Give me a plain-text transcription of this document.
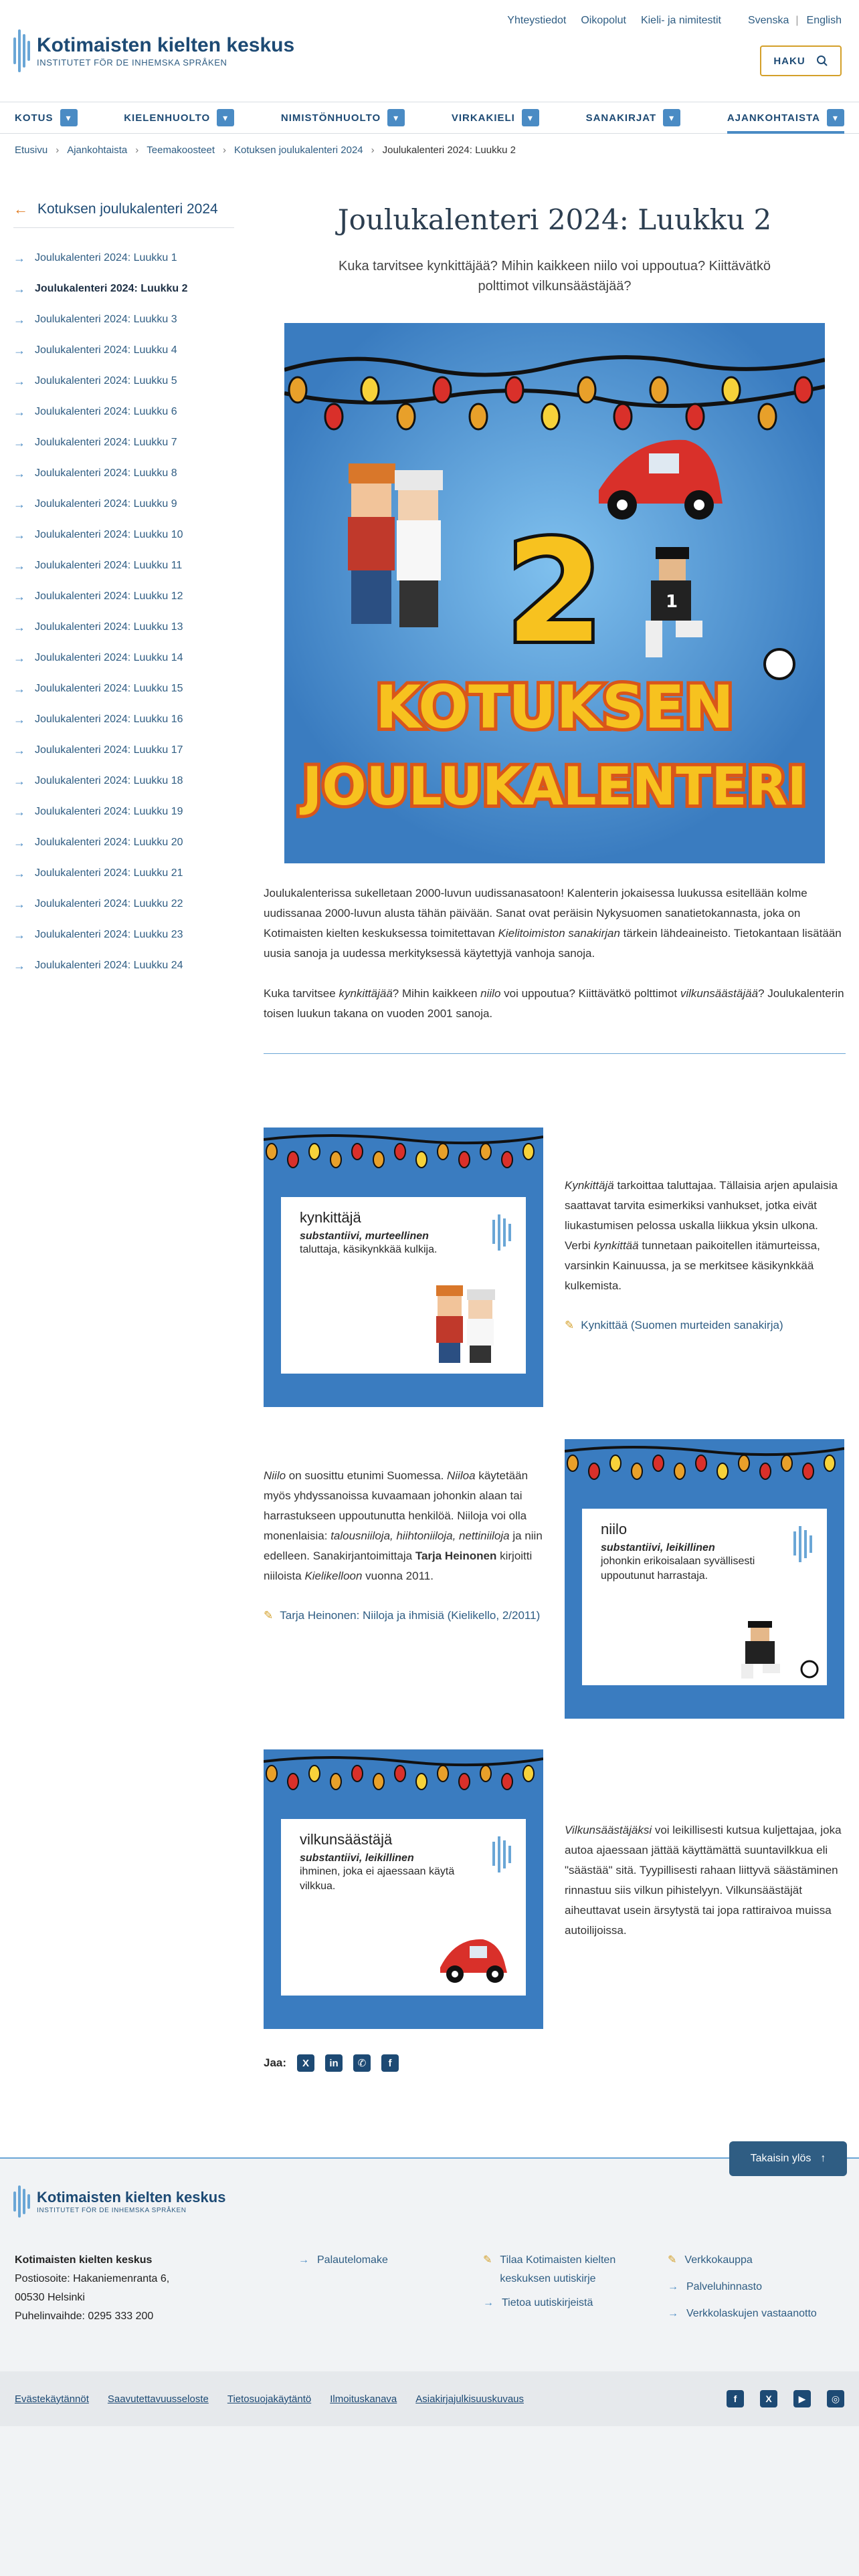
Kotimaisten kielten keskus
INSTITUTET FÖR DE INHEMSKA SPRÅKEN
Yhteystiedot Oikopolut Kieli- ja nimitestit	Svenska | English
HAKU
KOTUS	▾	KIELENHUOLTO	▾	NIMISTÖNHUOLTO	▾	VIRKAKIELI	▾	SANAKIRJAT	▾	AJANKOHTAISTA	▾
Etusivu › Ajankohtaista › Teemakoosteet › Kotuksen joulukalenteri 2024 › Joulukalenteri 2024: Luukku 2
← Kotuksen joulukalenteri 2024
→ Joulukalenteri 2024: Luukku 1
→ Joulukalenteri 2024: Luukku 2
→ Joulukalenteri 2024: Luukku 3
→ Joulukalenteri 2024: Luukku 4
→ Joulukalenteri 2024: Luukku 5
→ Joulukalenteri 2024: Luukku 6
→ Joulukalenteri 2024: Luukku 7
→ Joulukalenteri 2024: Luukku 8
→ Joulukalenteri 2024: Luukku 9
→ Joulukalenteri 2024: Luukku 10
→ Joulukalenteri 2024: Luukku 11
→ Joulukalenteri 2024: Luukku 12
→ Joulukalenteri 2024: Luukku 13
→ Joulukalenteri 2024: Luukku 14
→ Joulukalenteri 2024: Luukku 15
→ Joulukalenteri 2024: Luukku 16
→ Joulukalenteri 2024: Luukku 17
→ Joulukalenteri 2024: Luukku 18
→ Joulukalenteri 2024: Luukku 19
→ Joulukalenteri 2024: Luukku 20
→ Joulukalenteri 2024: Luukku 21
→ Joulukalenteri 2024: Luukku 22
→ Joulukalenteri 2024: Luukku 23
→ Joulukalenteri 2024: Luukku 24
Joulukalenteri 2024: Luukku 2
Kuka tarvitsee kynkittäjää? Mihin kaikkeen niilo voi uppoutua? Kiittävätkö polttimot vilkunsäästäjää?
1
2
KOTUKSEN
JOULUKALENTERI

Joulukalenterissa sukelletaan 2000-luvun uudissanasatoon! Kalenterin jokaisessa luukussa esitellään kolme uudissanaa 2000-luvun alusta tähän päivään. Sanat ovat peräisin Nykysuomen sanatietokannasta, joka on Kotimaisten kielten keskuksessa toimitettavan Kielitoimiston sanakirjan tärkein lähdeaineisto. Tietokantaan lisätään uusia sanoja ja uudessa merkityksessä käytettyjä vanhoja sanoja.

Kuka tarvitsee kynkittäjää? Mihin kaikkeen niilo voi uppoutua? Kiittävätkö polttimot vilkunsäästäjää? Joulukalenterin toisen luukun takana on vuoden 2001 sanoja.

kynkittäjä
substantiivi, murteellinen
taluttaja, käsikynkkää kulkija.
Kynkittäjä tarkoittaa taluttajaa. Tällaisia arjen apulaisia saattavat tarvita esimerkiksi vanhukset, jotka eivät liukastumisen pelossa uskalla liikkua yksin ulkona. Verbi kynkittää tunnetaan paikoitellen itämurteissa, varsinkin Kainuussa, ja se merkitsee käsikynkkää kulkemista.
✎ Kynkittää (Suomen murteiden sanakirja)
Niilo on suosittu etunimi Suomessa. Niiloa käytetään myös yhdyssanoissa kuvaamaan johonkin alaan tai harrastukseen uppoutunutta henkilöä. Niiloja voi olla monenlaisia: talousniiloja, hiihtoniiloja, nettiniiloja ja niin edelleen. Sanakirjantoimittaja Tarja Heinonen kirjoitti niiloista Kielikelloon vuonna 2011.
✎ Tarja Heinonen: Niiloja ja ihmisiä (Kielikello, 2/2011)
niilo
substantiivi, leikillinen
johonkin erikoisalaan syvällisesti uppoutunut harrastaja.
vilkunsäästäjä
substantiivi, leikillinen
ihminen, joka ei ajaessaan käytä vilkkua.
Vilkunsäästäjäksi voi leikillisesti kutsua kuljettajaa, joka autoa ajaessaan jättää käyttämättä suuntavilkkua eli "säästää" sitä. Tyypillisesti rahaan liittyvä säästäminen rinnastuu siis vilkun pihistelyyn. Vilkunsäästäjät aiheuttavat usein ärsytystä tai jopa rattiraivoa muissa autoilijoissa.
Jaa:	X	in	✆	f
Takaisin ylös ↑
Kotimaisten kielten keskus
INSTITUTET FÖR DE INHEMSKA SPRÅKEN
Kotimaisten kielten keskus
Postiosoite: Hakaniemenranta 6,
00530 Helsinki
Puhelinvaihde: 0295 333 200
→ Palautelomake	✎ Tilaa Kotimaisten kielten keskuksen uutiskirje
→ Tietoa uutiskirjeistä
✎ Verkkokauppa
→ Palveluhinnasto
→ Verkkolaskujen vastaanotto
Evästekäytännöt Saavutettavuusseloste Tietosuojakäytäntö Ilmoituskanava Asiakirjajulkisuuskuvaus	f	X	▶	◎
